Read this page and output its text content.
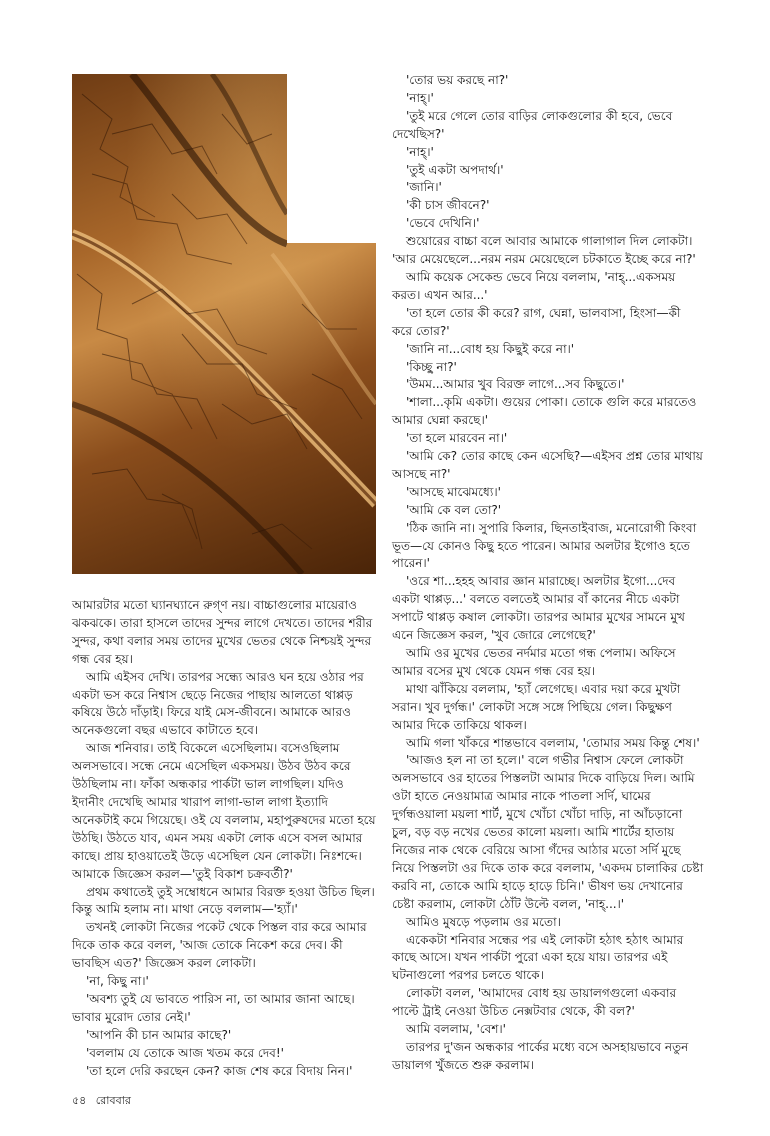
আমারটার মতো ঘ্যানঘ্যানে রুগ্ণ নয়। বাচ্চাগুলোর মায়েরাও ঝকঝকে। তারা হাসলে তাদের সুন্দর লাগে দেখতে। তাদের শরীর সুন্দর, কথা বলার সময় তাদের মুখের ভেতর থেকে নিশ্চয়ই সুন্দর গন্ধ বের হয়।

আমি এইসব দেখি। তারপর সন্ধ্যে আরও ঘন হয়ে ওঠার পর একটা ভস করে নিশ্বাস ছেড়ে নিজের পাছায় আলতো থাপ্পড় কষিয়ে উঠে দাঁড়াই। ফিরে যাই মেস-জীবনে। আমাকে আরও অনেকগুলো বছর এভাবে কাটাতে হবে।

আজ শনিবার। তাই বিকেলে এসেছিলাম। বসেওছিলাম অলসভাবে। সন্ধে নেমে এসেছিল একসময়। উঠব উঠব করে উঠছিলাম না। ফাঁকা অন্ধকার পার্কটা ভাল লাগছিল। যদিও ইদানীং দেখেছি আমার খারাপ লাগা-ভাল লাগা ইত্যাদি অনেকটাই কমে গিয়েছে। ওই যে বললাম, মহাপুরুষদের মতো হয়ে উঠছি। উঠতে যাব, এমন সময় একটা লোক এসে বসল আমার কাছে। প্রায় হাওয়াতেই উড়ে এসেছিল যেন লোকটা। নিঃশব্দে। আমাকে জিজ্ঞেস করল—'তুই বিকাশ চক্রবর্তী?'

প্রথম কথাতেই তুই সম্বোধনে আমার বিরক্ত হওয়া উচিত ছিল। কিন্তু আমি হলাম না। মাথা নেড়ে বললাম—'হ্যাঁ।'

তখনই লোকটা নিজের পকেট থেকে পিস্তল বার করে আমার দিকে তাক করে বলল, 'আজ তোকে নিকেশ করে দেব। কী ভাবছিস এত?' জিজ্ঞেস করল লোকটা।

'না, কিছু না।'

'অবশ্য তুই যে ভাবতে পারিস না, তা আমার জানা আছে। ভাবার মুরোদ তোর নেই।'

'আপনি কী চান আমার কাছে?'

'বললাম যে তোকে আজ খতম করে দেব!'

'তা হলে দেরি করছেন কেন? কাজ শেষ করে বিদায় নিন।'

'তোর ভয় করছে না?'

'নাহ্।'

'তুই মরে গেলে তোর বাড়ির লোকগুলোর কী হবে, ভেবে দেখেছিস?'

'নাহ্।'

'তুই একটা অপদার্থ।'

'জানি।'

'কী চাস জীবনে?'

'ভেবে দেখিনি।'

শুয়োরের বাচ্চা বলে আবার আমাকে গালাগাল দিল লোকটা। 'আর মেয়েছেলে...নরম নরম মেয়েছেলে চটকাতে ইচ্ছে করে না?'

আমি কয়েক সেকেন্ড ভেবে নিয়ে বললাম, 'নাহ্...একসময় করত। এখন আর...'

'তা হলে তোর কী করে? রাগ, ঘেন্না, ভালবাসা, হিংসা—কী করে তোর?'

'জানি না...বোধ হয় কিছুই করে না।'

'কিচ্ছু না?'

'উমম...আমার খুব বিরক্ত লাগে...সব কিছুতে।'

'শালা...কৃমি একটা। গুয়ের পোকা। তোকে গুলি করে মারতেও আমার ঘেন্না করছে।'

'তা হলে মারবেন না।'

'আমি কে? তোর কাছে কেন এসেছি?—এইসব প্রশ্ন তোর মাথায় আসছে না?'

'আসছে মাঝেমধ্যে।'

'আমি কে বল তো?'

'ঠিক জানি না। সুপারি কিলার, ছিনতাইবাজ, মনোরোগী কিংবা ভূত—যে কোনও কিছু হতে পারেন। আমার অলটার ইগোও হতে পারেন।'

'ওরে শা...হহহ আবার জ্ঞান মারাচ্ছে। অলটার ইগো...দেব একটা থাপ্পড়...' বলতে বলতেই আমার বাঁ কানের নীচে একটা সপাটে থাপ্পড় কষাল লোকটা। তারপর আমার মুখের সামনে মুখ এনে জিজ্ঞেস করল, 'খুব জোরে লেগেছে?'

আমি ওর মুখের ভেতর নর্দমার মতো গন্ধ পেলাম। অফিসে আমার বসের মুখ থেকে যেমন গন্ধ বের হয়।

মাথা ঝাঁকিয়ে বললাম, 'হ্যাঁ লেগেছে। এবার দয়া করে মুখটা সরান। খুব দুর্গন্ধ।' লোকটা সঙ্গে সঙ্গে পিছিয়ে গেল। কিছুক্ষণ আমার দিকে তাকিয়ে থাকল।

আমি গলা খাঁকরে শান্তভাবে বললাম, 'তোমার সময় কিন্তু শেষ।'

'আজও হল না তা হলে।' বলে গভীর নিশ্বাস ফেলে লোকটা অলসভাবে ওর হাতের পিস্তলটা আমার দিকে বাড়িয়ে দিল। আমি ওটা হাতে নেওয়ামাত্র আমার নাকে পাতলা সর্দি, ঘামের দুর্গন্ধওয়ালা ময়লা শার্ট, মুখে খোঁচা খোঁচা দাড়ি, না আঁচড়ানো চুল, বড় বড় নখের ভেতর কালো ময়লা। আমি শার্টের হাতায় নিজের নাক থেকে বেরিয়ে আসা গঁদের আঠার মতো সর্দি মুছে নিয়ে পিস্তলটা ওর দিকে তাক করে বললাম, 'একদম চালাকির চেষ্টা করবি না, তোকে আমি হাড়ে হাড়ে চিনি।' ভীষণ ভয় দেখানোর চেষ্টা করলাম, লোকটা ঠোঁট উল্টে বলল, 'নাহ্...।'

আমিও মুষড়ে পড়লাম ওর মতো।

একেকটা শনিবার সন্ধের পর এই লোকটা হঠাৎ হঠাৎ আমার কাছে আসে। যখন পার্কটা পুরো একা হয়ে যায়। তারপর এই ঘটনাগুলো পরপর চলতে থাকে।

লোকটা বলল, 'আমাদের বোধ হয় ডায়ালগগুলো একবার পাল্টে ট্রাই নেওয়া উচিত নেক্সটবার থেকে, কী বল?'

আমি বললাম, 'বেশ।'

তারপর দু'জন অন্ধকার পার্কের মধ্যে বসে অসহায়ভাবে নতুন ডায়ালগ খুঁজতে শুরু করলাম।

৫৪ রোববার
